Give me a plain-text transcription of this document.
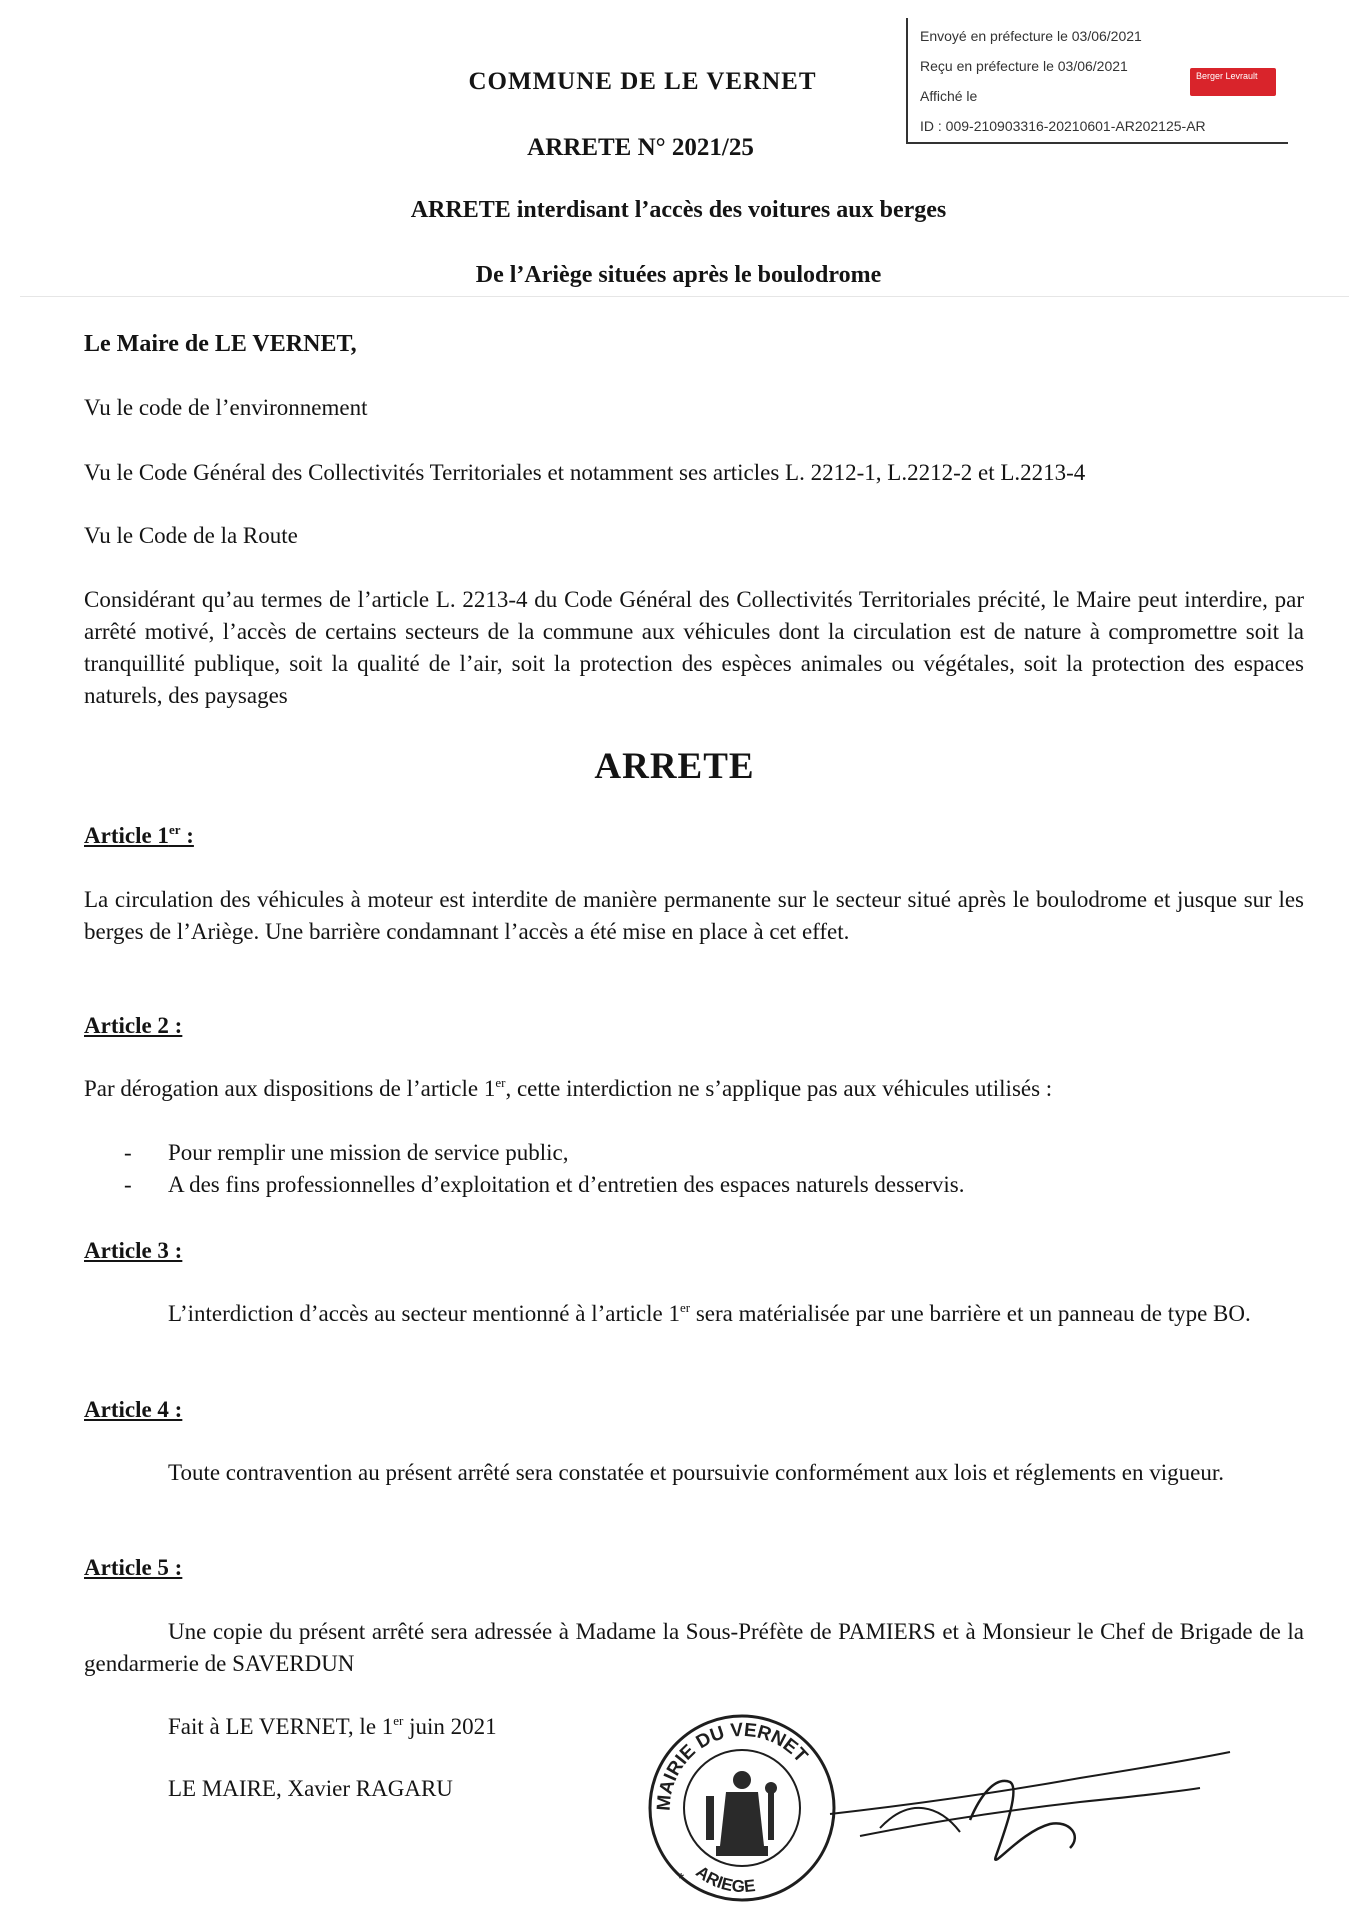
Envoyé en préfecture le 03/06/2021
Reçu en préfecture le 03/06/2021
Affiché le
ID : 009-210903316-20210601-AR202125-AR
Berger Levrault
COMMUNE DE LE VERNET
ARRETE N° 2021/25
ARRETE interdisant l’accès des voitures aux berges
De l’Ariège situées après le boulodrome
Le Maire de LE VERNET,
Vu le code de l’environnement
Vu le Code Général des Collectivités Territoriales et notamment ses articles L. 2212-1, L.2212-2 et L.2213-4
Vu le Code de la Route
Considérant qu’au termes de l’article L. 2213-4 du Code Général des Collectivités Territoriales précité, le Maire peut interdire, par arrêté motivé, l’accès de certains secteurs de la commune aux véhicules dont la circulation est de nature à compromettre soit la tranquillité publique, soit la qualité de l’air, soit la protection des espèces animales ou végétales, soit la protection des espaces naturels, des paysages
ARRETE
Article 1er :
La circulation des véhicules à moteur est interdite de manière permanente sur le secteur situé après le boulodrome et jusque sur les berges de l’Ariège. Une barrière condamnant l’accès a été mise en place à cet effet.
Article 2 :
Par dérogation aux dispositions de l’article 1er, cette interdiction ne s’applique pas aux véhicules utilisés :
- Pour remplir une mission de service public,
- A des fins professionnelles d’exploitation et d’entretien des espaces naturels desservis.
Article 3 :
L’interdiction d’accès au secteur mentionné à l’article 1er sera matérialisée par une barrière et un panneau de type BO.
Article 4 :
Toute contravention au présent arrêté sera constatée et poursuivie conformément aux lois et réglements en vigueur.
Article 5 :
Une copie du présent arrêté sera adressée à Madame la Sous-Préfète de PAMIERS et à Monsieur le Chef de Brigade de la gendarmerie de SAVERDUN
Fait à LE VERNET, le 1er juin 2021
LE MAIRE, Xavier RAGARU
MAIRIE DU VERNET
ARIEGE
*
